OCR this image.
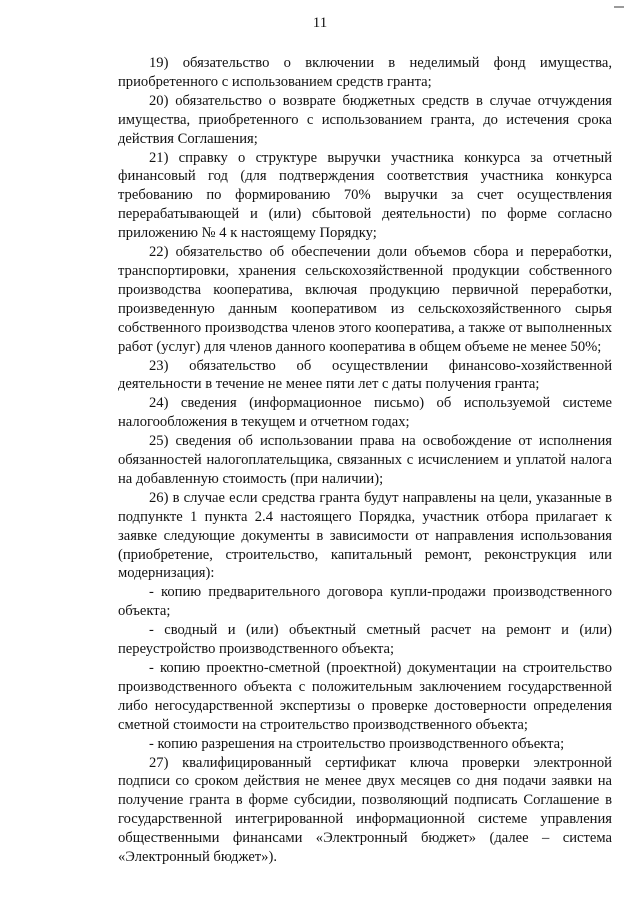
11

19) обязательство о включении в неделимый фонд имущества, приобретенного с использованием средств гранта;

20) обязательство о возврате бюджетных средств в случае отчуждения имущества, приобретенного с использованием гранта, до истечения срока действия Соглашения;

21) справку о структуре выручки участника конкурса за отчетный финансовый год (для подтверждения соответствия участника конкурса требованию по формированию 70% выручки за счет осуществления перерабатывающей и (или) сбытовой деятельности) по форме согласно приложению № 4 к настоящему Порядку;

22) обязательство об обеспечении доли объемов сбора и переработки, транспортировки, хранения сельскохозяйственной продукции собственного производства кооператива, включая продукцию первичной переработки, произведенную данным кооперативом из сельскохозяйственного сырья собственного производства членов этого кооператива, а также от выполненных работ (услуг) для членов данного кооператива в общем объеме не менее 50%;

23) обязательство об осуществлении финансово-хозяйственной деятельности в течение не менее пяти лет с даты получения гранта;

24) сведения (информационное письмо) об используемой системе налогообложения в текущем и отчетном годах;

25) сведения об использовании права на освобождение от исполнения обязанностей налогоплательщика, связанных с исчислением и уплатой налога на добавленную стоимость (при наличии);

26) в случае если средства гранта будут направлены на цели, указанные в подпункте 1 пункта 2.4 настоящего Порядка, участник отбора прилагает к заявке следующие документы в зависимости от направления использования (приобретение, строительство, капитальный ремонт, реконструкция или модернизация):

- копию предварительного договора купли-продажи производственного объекта;

- сводный и (или) объектный сметный расчет на ремонт и (или) переустройство производственного объекта;

- копию проектно-сметной (проектной) документации на строительство производственного объекта с положительным заключением государственной либо негосударственной экспертизы о проверке достоверности определения сметной стоимости на строительство производственного объекта;

- копию разрешения на строительство производственного объекта;

27) квалифицированный сертификат ключа проверки электронной подписи со сроком действия не менее двух месяцев со дня подачи заявки на получение гранта в форме субсидии, позволяющий подписать Соглашение в государственной интегрированной информационной системе управления общественными финансами «Электронный бюджет» (далее – система «Электронный бюджет»).
